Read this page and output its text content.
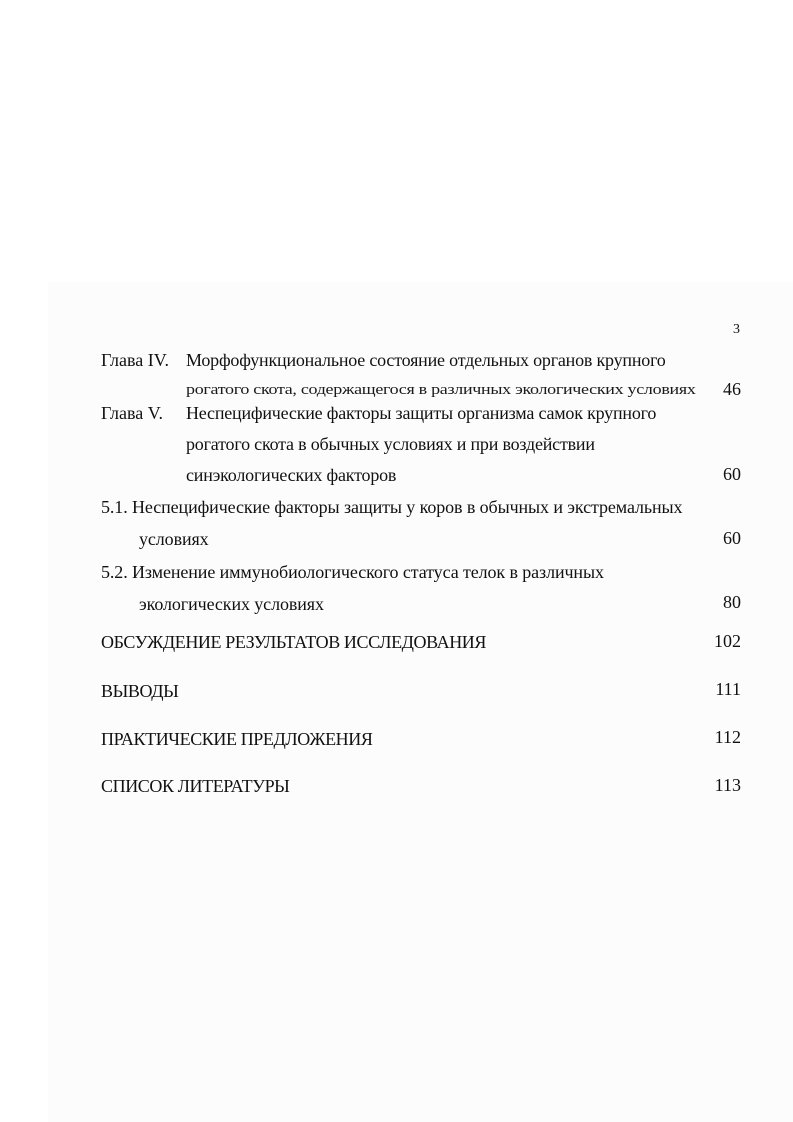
3
Глава IV. Морфофункциональное состояние отдельных органов крупного
рогатого скота, содержащегося в различных экологических условиях	46
Глава V. Неспецифические факторы защиты организма самок крупного
рогатого скота в обычных условиях и при воздействии
синэкологических факторов	60
5.1. Неспецифические факторы защиты у коров в обычных и экстремальных
условиях	60
5.2. Изменение иммунобиологического статуса телок в различных
экологических условиях	80
ОБСУЖДЕНИЕ РЕЗУЛЬТАТОВ ИССЛЕДОВАНИЯ	102
ВЫВОДЫ	111
ПРАКТИЧЕСКИЕ ПРЕДЛОЖЕНИЯ	112
СПИСОК ЛИТЕРАТУРЫ	113
